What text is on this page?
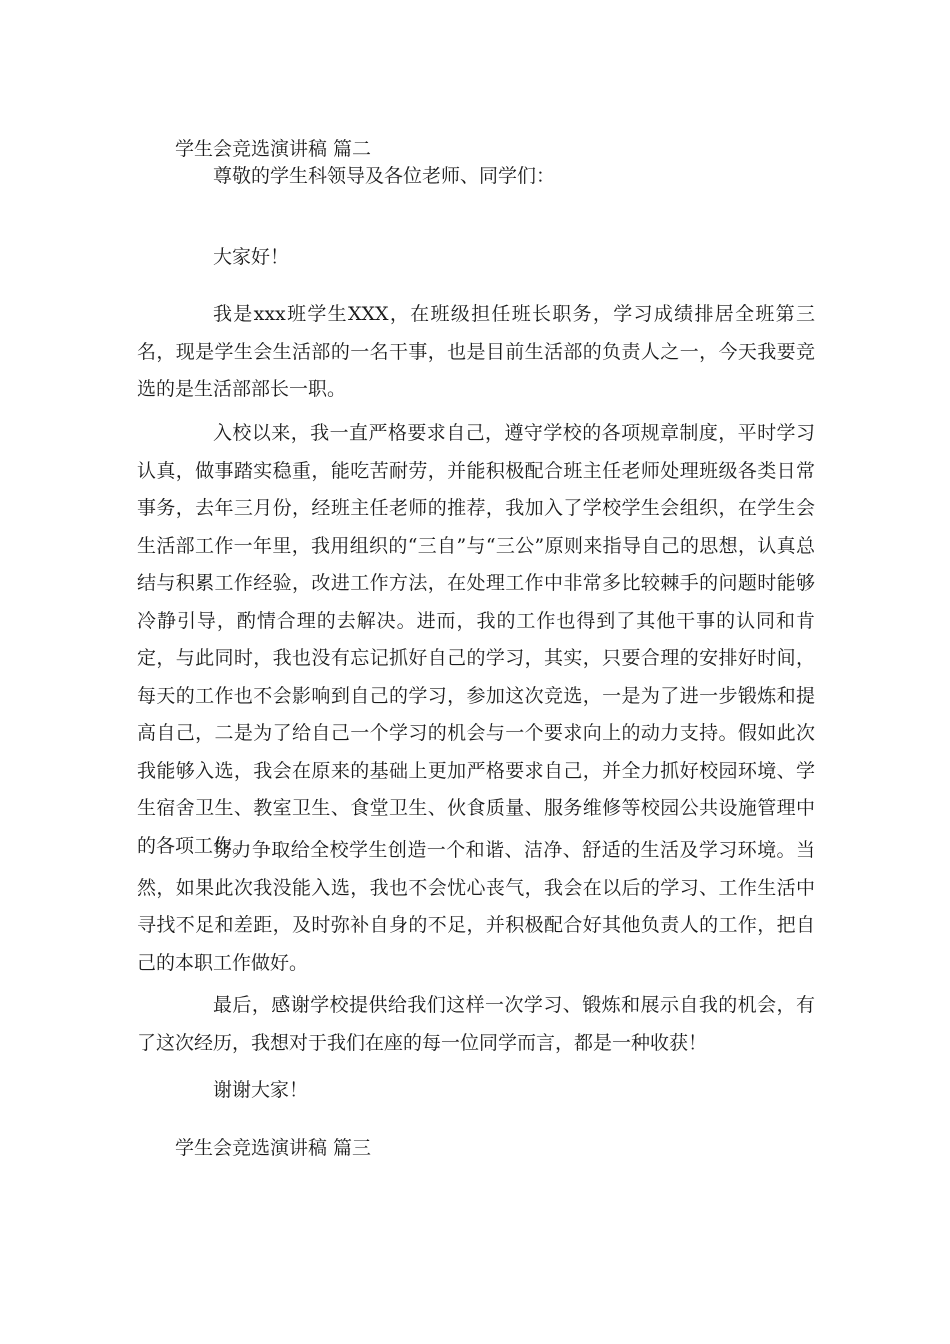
学生会竞选演讲稿 篇二

尊敬的学生科领导及各位老师、同学们：

大家好！

我是xxx班学生XXX，在班级担任班长职务，学习成绩排居全班第三名，现是学生会生活部的一名干事，也是目前生活部的负责人之一，今天我要竞选的是生活部部长一职。

入校以来，我一直严格要求自己，遵守学校的各项规章制度，平时学习认真，做事踏实稳重，能吃苦耐劳，并能积极配合班主任老师处理班级各类日常事务，去年三月份，经班主任老师的推荐，我加入了学校学生会组织，在学生会生活部工作一年里，我用组织的“三自”与“三公”原则来指导自己的思想，认真总结与积累工作经验，改进工作方法，在处理工作中非常多比较棘手的问题时能够冷静引导，酌情合理的去解决。进而，我的工作也得到了其他干事的认同和肯定，与此同时，我也没有忘记抓好自己的学习，其实，只要合理的安排好时间，每天的工作也不会影响到自己的学习，参加这次竞选，一是为了进一步锻炼和提高自己，二是为了给自己一个学习的机会与一个要求向上的动力支持。假如此次我能够入选，我会在原来的基础上更加严格要求自己，并全力抓好校园环境、学生宿舍卫生、教室卫生、食堂卫生、伙食质量、服务维修等校园公共设施管理中的各项工作。

努力争取给全校学生创造一个和谐、洁净、舒适的生活及学习环境。当然，如果此次我没能入选，我也不会忧心丧气，我会在以后的学习、工作生活中寻找不足和差距，及时弥补自身的不足，并积极配合好其他负责人的工作，把自己的本职工作做好。

最后，感谢学校提供给我们这样一次学习、锻炼和展示自我的机会，有了这次经历，我想对于我们在座的每一位同学而言，都是一种收获！

谢谢大家！

学生会竞选演讲稿 篇三
